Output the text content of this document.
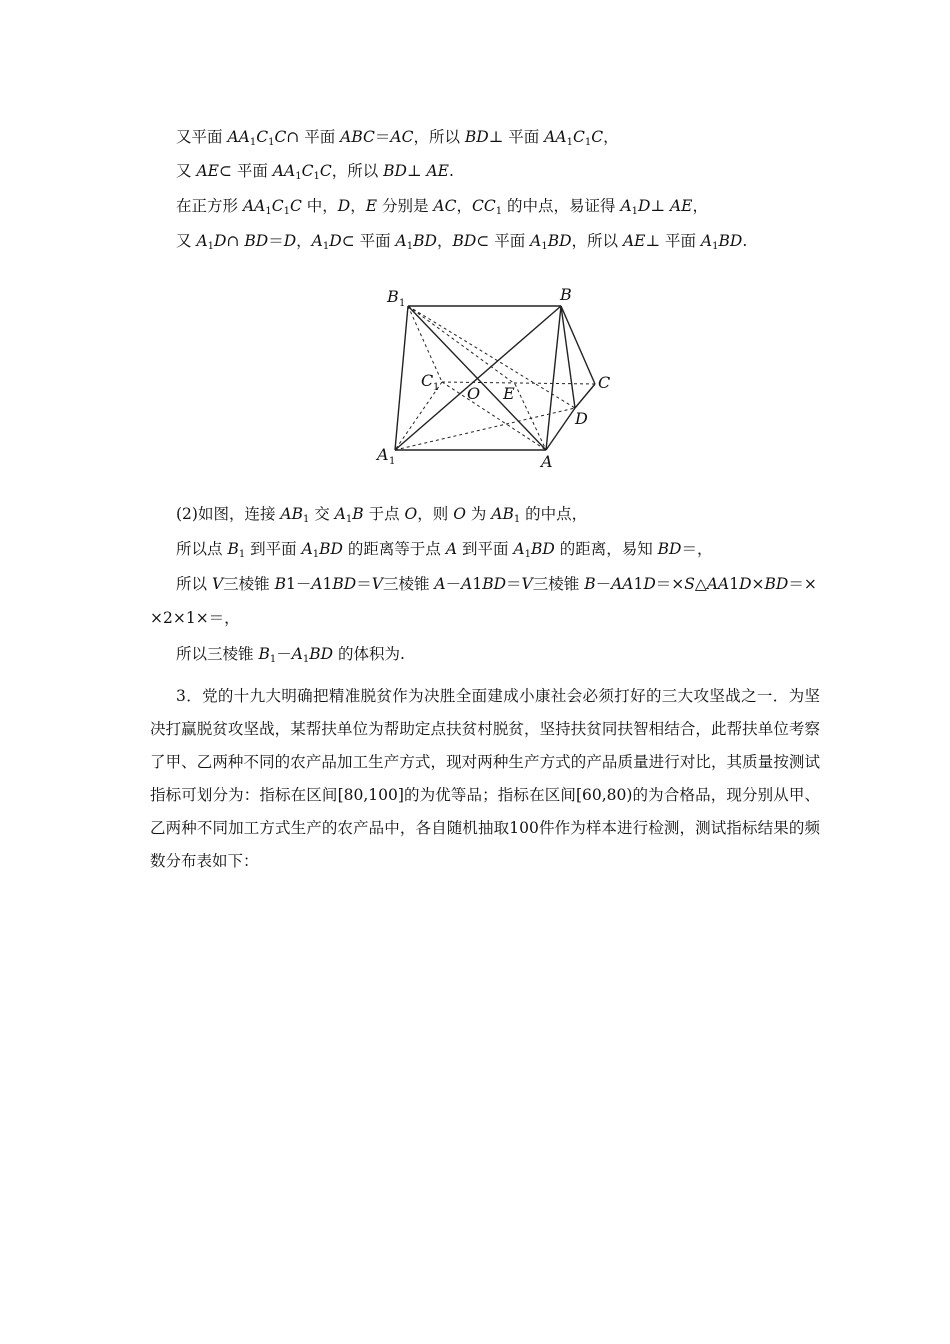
又平面 $AA_1C_1C\cap$ 平面 ABC＝AC，所以 BD⊥ 平面 $AA_1C_1C$，
又 AE⊂ 平面 $AA_1C_1C$，所以 BD⊥ AE.
在正方形 $AA_1C_1C$ 中，D，E 分别是 AC，$CC_1$ 的中点，易证得 $A_1D\perp$ AE，
又 $A_1D\cap$ BD＝D，$A_1D\subset$ 平面 $A_1BD$，BD⊂ 平面 $A_1BD$，所以 AE⊥ 平面 $A_1BD$.
B 1	B
C 1 O E
C
D
A 1	A
(2)如图，连接 $AB_1$ 交 $A_1B$ 于点 O，则 O 为 $AB_1$ 的中点，
所以点 $B_1$ 到平面 $A_1BD$ 的距离等于点 A 到平面 $A_1BD$ 的距离，易知 BD＝，
所以 V三棱锥 B1－A1BD＝V三棱锥 A－A1BD＝V三棱锥 B－AA1D＝×S△AA1D×BD＝×
×2×1×＝，
所以三棱锥 $B_1-A_1BD$ 的体积为.
3．党的十九大明确把精准脱贫作为决胜全面建成小康社会必须打好的三大攻坚战之一．为坚决打赢脱贫攻坚战，某帮扶单位为帮助定点扶贫村脱贫，坚持扶贫同扶智相结合，此帮扶单位考察了甲、乙两种不同的农产品加工生产方式，现对两种生产方式的产品质量进行对比，其质量按测试指标可划分为：指标在区间[80,100]的为优等品；指标在区间[60,80)的为合格品，现分别从甲、乙两种不同加工方式生产的农产品中，各自随机抽取100件作为样本进行检测，测试指标结果的频数分布表如下：
